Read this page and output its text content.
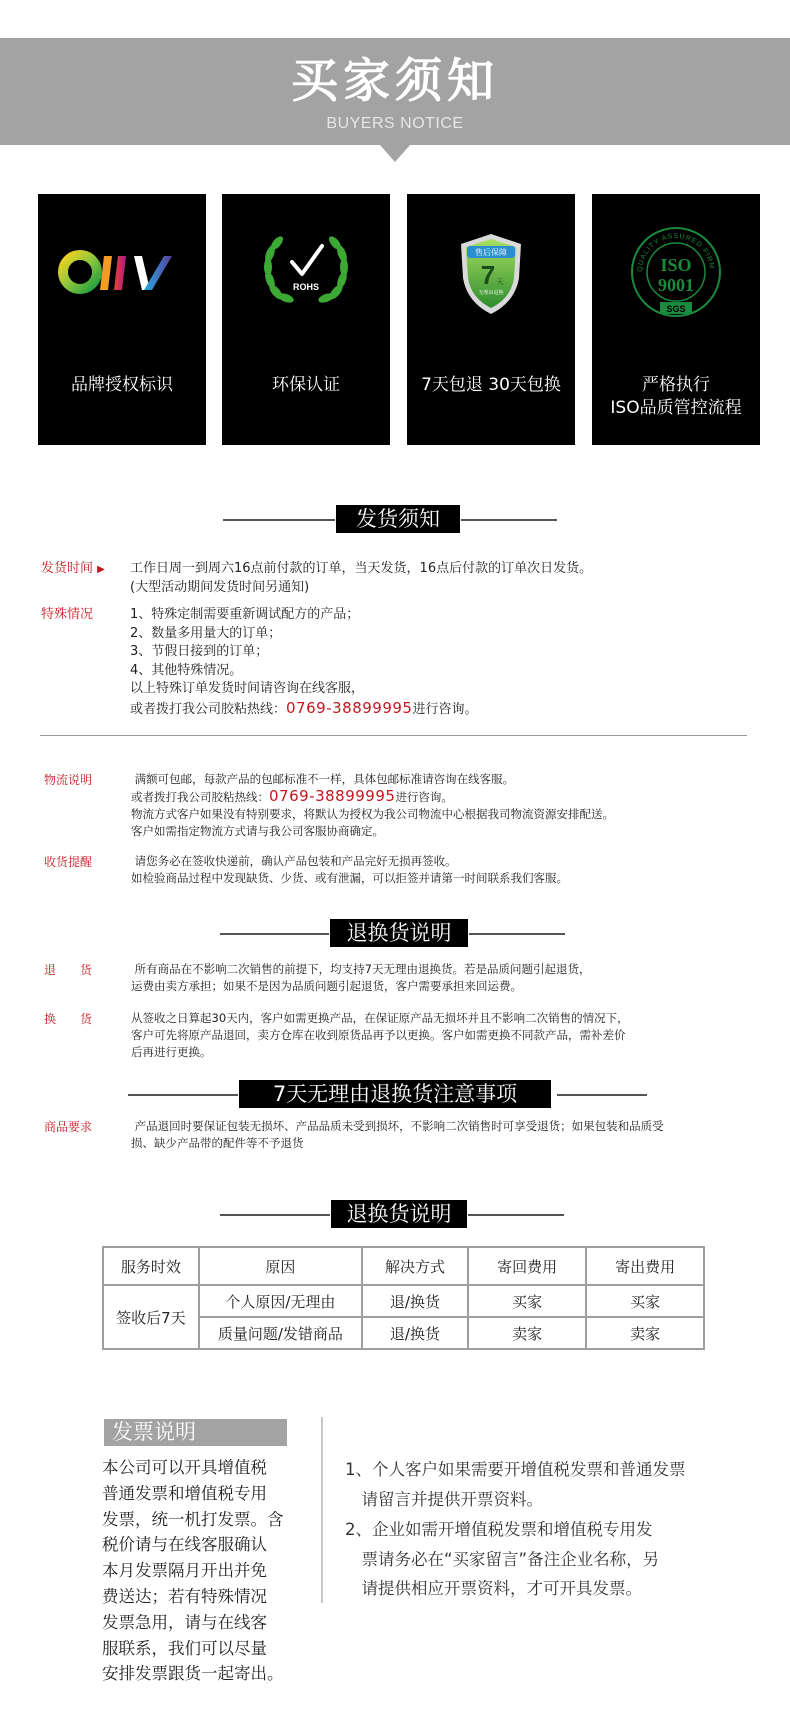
买家须知
BUYERS NOTICE
品牌授权标识
ROHS
环保认证
售后保障
7 天
无理由退换
7天包退 30天包换
QUALITY ASSURED FIRM
ISO
9001
SGS
严格执行
ISO品质管控流程
发货须知
发货时间 ▶ 工作日周一到周六16点前付款的订单，当天发货，16点后付款的订单次日发货。
(大型活动期间发货时间另通知)
特殊情况	1、特殊定制需要重新调试配方的产品；
2、数量多用量大的订单；
3、节假日接到的订单；
4、其他特殊情况。
以上特殊订单发货时间请咨询在线客服，
或者拨打我公司胶粘热线：0769-38899995进行咨询。
物流说明	满额可包邮，每款产品的包邮标准不一样，具体包邮标准请咨询在线客服。
或者拨打我公司胶粘热线：0769-38899995进行咨询。
物流方式客户如果没有特别要求，将默认为授权为我公司物流中心根据我司物流资源安排配送。
客户如需指定物流方式请与我公司客服协商确定。
收货提醒	请您务必在签收快递前，确认产品包装和产品完好无损再签收。
如检验商品过程中发现缺货、少货、或有泄漏，可以拒签并请第一时间联系我们客服。
退换货说明
退　　货	所有商品在不影响二次销售的前提下，均支持7天无理由退换货。若是品质问题引起退货，
运费由卖方承担；如果不是因为品质问题引起退货，客户需要承担来回运费。
换　　货	从签收之日算起30天内，客户如需更换产品，在保证原产品无损坏并且不影响二次销售的情况下，
客户可先将原产品退回，卖方仓库在收到原货品再予以更换。客户如需更换不同款产品，需补差价
后再进行更换。
7天无理由退换货注意事项
商品要求	产品退回时要保证包装无损坏、产品品质未受到损坏，不影响二次销售时可享受退货；如果包装和品质受
损、缺少产品带的配件等不予退货
退换货说明
服务时效	原因	解决方式	寄回费用	寄出费用
签收后7天	个人原因/无理由	退/换货	买家	买家
	质量问题/发错商品	退/换货	卖家	卖家
发票说明
本公司可以开具增值税
普通发票和增值税专用
发票，统一机打发票。含
税价请与在线客服确认
本月发票隔月开出并免
费送达；若有特殊情况
发票急用，请与在线客
服联系，我们可以尽量
安排发票跟货一起寄出。
1、个人客户如果需要开增值税发票和普通发票
　请留言并提供开票资料。
2、企业如需开增值税发票和增值税专用发
　票请务必在“买家留言”备注企业名称，另
　请提供相应开票资料，才可开具发票。
